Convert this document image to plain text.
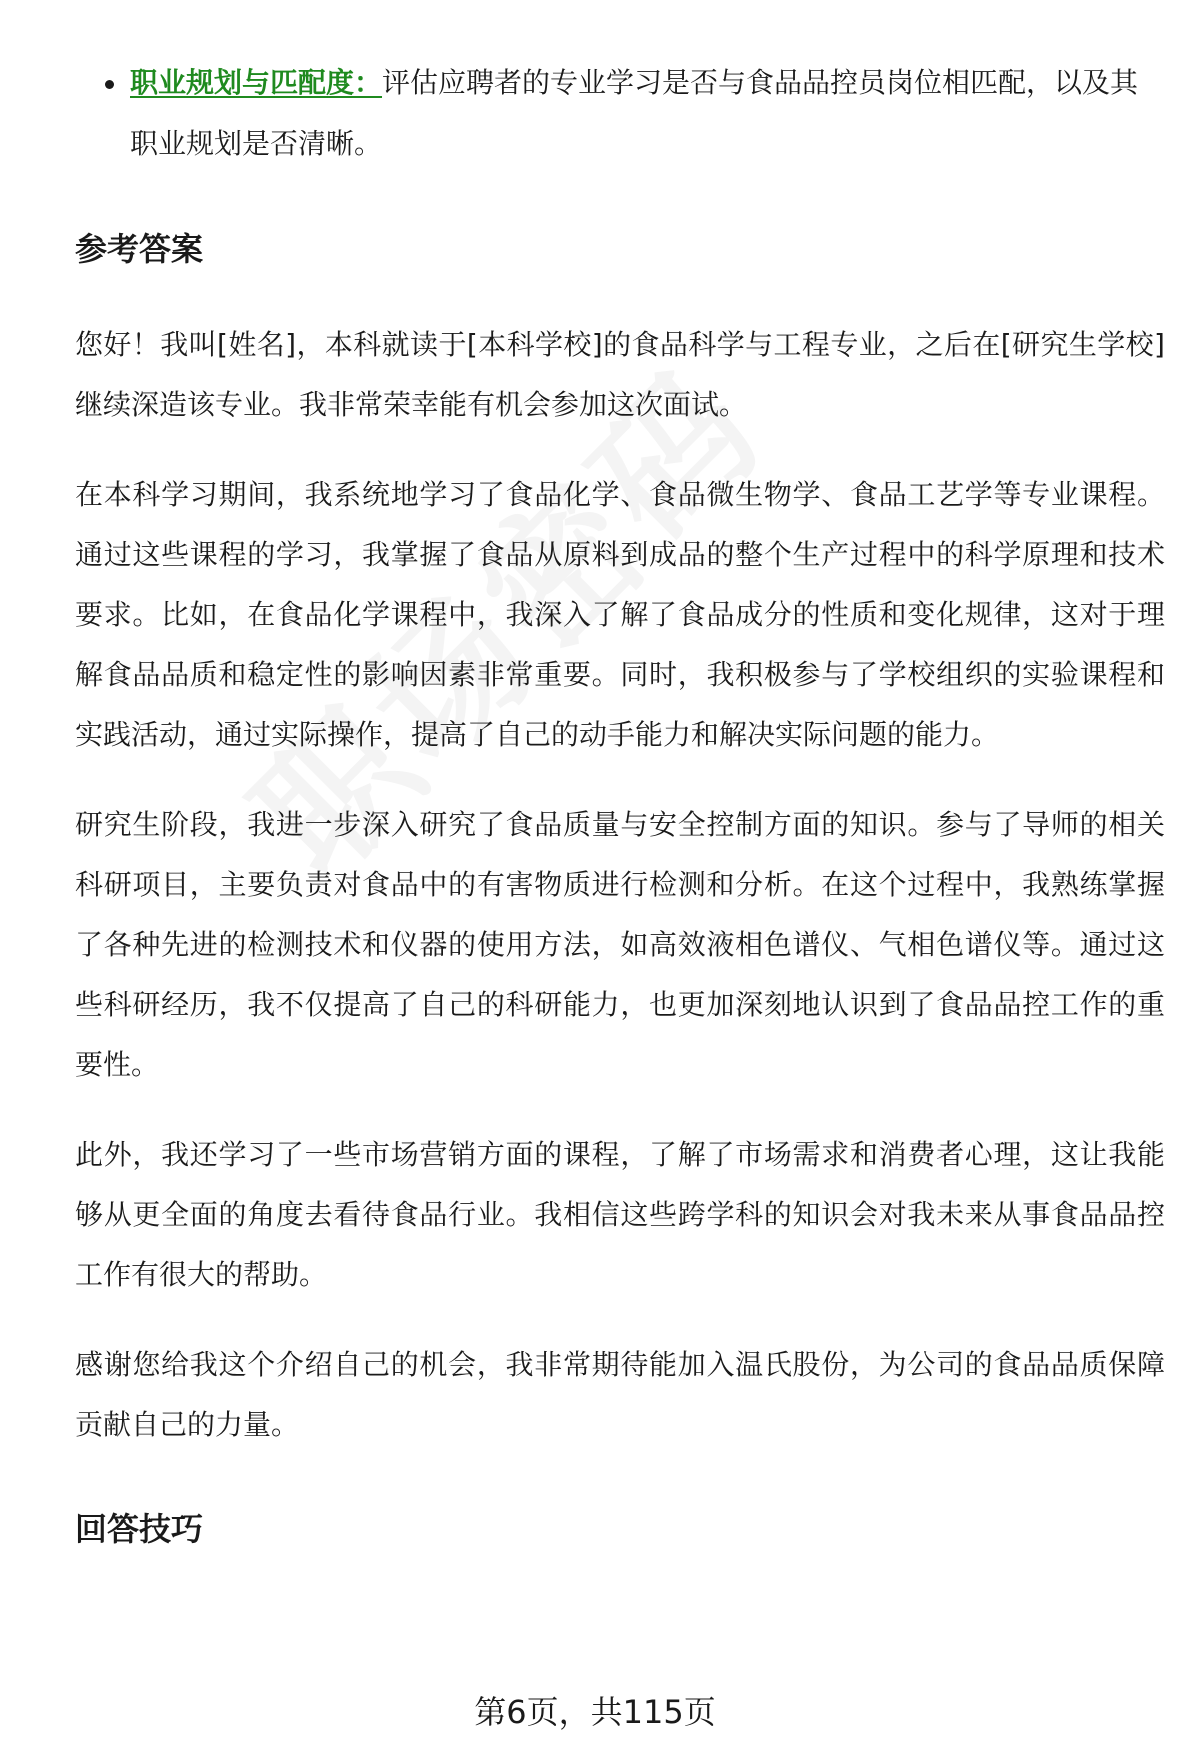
职业规划与匹配度：评估应聘者的专业学习是否与食品品控员岗位相匹配，以及其职业规划是否清晰。
参考答案

您好！我叫[姓名]，本科就读于[本科学校]的食品科学与工程专业，之后在[研究生学校]继续深造该专业。我非常荣幸能有机会参加这次面试。

在本科学习期间，我系统地学习了食品化学、食品微生物学、食品工艺学等专业课程。通过这些课程的学习，我掌握了食品从原料到成品的整个生产过程中的科学原理和技术要求。比如，在食品化学课程中，我深入了解了食品成分的性质和变化规律，这对于理解食品品质和稳定性的影响因素非常重要。同时，我积极参与了学校组织的实验课程和实践活动，通过实际操作，提高了自己的动手能力和解决实际问题的能力。

研究生阶段，我进一步深入研究了食品质量与安全控制方面的知识。参与了导师的相关科研项目，主要负责对食品中的有害物质进行检测和分析。在这个过程中，我熟练掌握了各种先进的检测技术和仪器的使用方法，如高效液相色谱仪、气相色谱仪等。通过这些科研经历，我不仅提高了自己的科研能力，也更加深刻地认识到了食品品控工作的重要性。

此外，我还学习了一些市场营销方面的课程，了解了市场需求和消费者心理，这让我能够从更全面的角度去看待食品行业。我相信这些跨学科的知识会对我未来从事食品品控工作有很大的帮助。

感谢您给我这个介绍自己的机会，我非常期待能加入温氏股份，为公司的食品品质保障贡献自己的力量。

回答技巧
第6页，共115页
